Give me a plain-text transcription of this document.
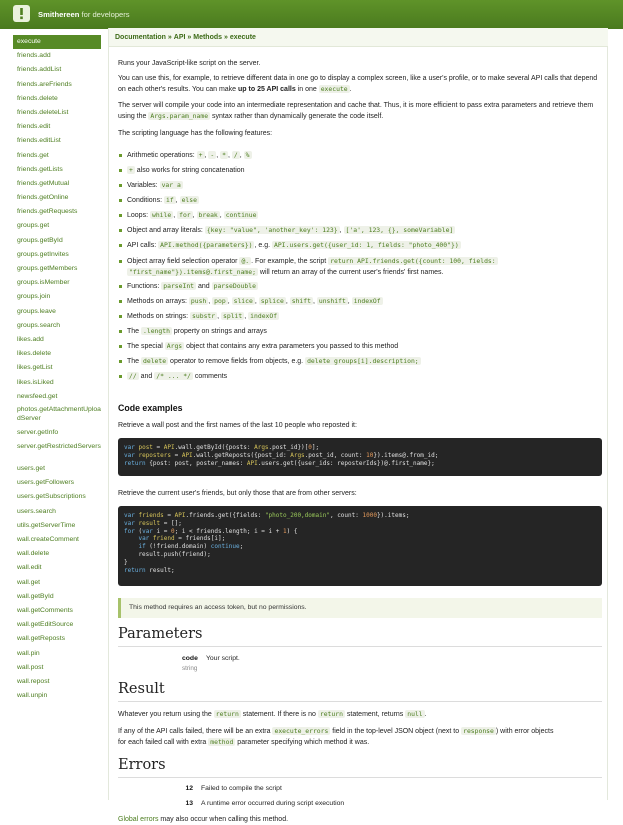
Smithereen for developers
execute
friends.add
friends.addList
friends.areFriends
friends.delete
friends.deleteList
friends.edit
friends.editList
friends.get
friends.getLists
friends.getMutual
friends.getOnline
friends.getRequests
groups.get
groups.getById
groups.getInvites
groups.getMembers
groups.isMember
groups.join
groups.leave
groups.search
likes.add
likes.delete
likes.getList
likes.isLiked
newsfeed.get
photos.getAttachmentUploadServer
server.getInfo
server.getRestrictedServers
users.get
users.getFollowers
users.getSubscriptions
users.search
utils.getServerTime
wall.createComment
wall.delete
wall.edit
wall.get
wall.getById
wall.getComments
wall.getEditSource
wall.getReposts
wall.pin
wall.post
wall.repost
wall.unpin
Documentation » API » Methods » execute

Runs your JavaScript-like script on the server.

You can use this, for example, to retrieve different data in one go to display a complex screen, like a user's profile, or to make several API calls that depend on each other's results. You can make up to 25 API calls in one execute .

The server will compile your code into an intermediate representation and cache that. Thus, it is more efficient to pass extra parameters and retrieve them using the Args.param_name syntax rather than dynamically generate the code itself.

The scripting language has the following features:

Arithmetic operations: + , - , * , / , %
+ also works for string concatenation
Variables: var a
Conditions: if , else
Loops: while , for , break , continue
Object and array literals: {key: "value", 'another_key': 123} , ['a', 123, {}, someVariable]
API calls: API.method({parameters}) , e.g. API.users.get({user_id: 1, fields: "photo_400"})
Object array field selection operator @. . For example, the script return API.friends.get({count: 100, fields:
"first_name"}).items@.first_name; will return an array of the current user's friends' first names.
Functions: parseInt and parseDouble
Methods on arrays: push , pop , slice , splice , shift , unshift , indexOf
Methods on strings: substr , split , indexOf
The .length property on strings and arrays
The special Args object that contains any extra parameters you passed to this method
The delete operator to remove fields from objects, e.g. delete groups[i].description;
// and /* ... */ comments
Code examples

Retrieve a wall post and the first names of the last 10 people who reposted it:

var post = API.wall.getById({posts: Args.post_id})[0];
var reposters = API.wall.getReposts({post_id: Args.post_id, count: 10}).items@.from_id;
return {post: post, poster_names: API.users.get({user_ids: reposterIds})@.first_name};

Retrieve the current user's friends, but only those that are from other servers:

var friends = API.friends.get({fields: "photo_200,domain", count: 1000}).items;
var result = [];
for (var i = 0; i < friends.length; i = i + 1) {
var friend = friends[i];
if (!friend.domain) continue;
result.push(friend);
}
return result;
This method requires an access token, but no permissions.
Parameters
code
string
Your script.
Result

Whatever you return using the return statement. If there is no return statement, returns null .

If any of the API calls failed, there will be an extra execute_errors field in the top-level JSON object (next to response ) with error objects
for each failed call with extra method parameter specifying which method it was.

Errors
12 Failed to compile the script
13 A runtime error occurred during script execution

Global errors may also occur when calling this method.
